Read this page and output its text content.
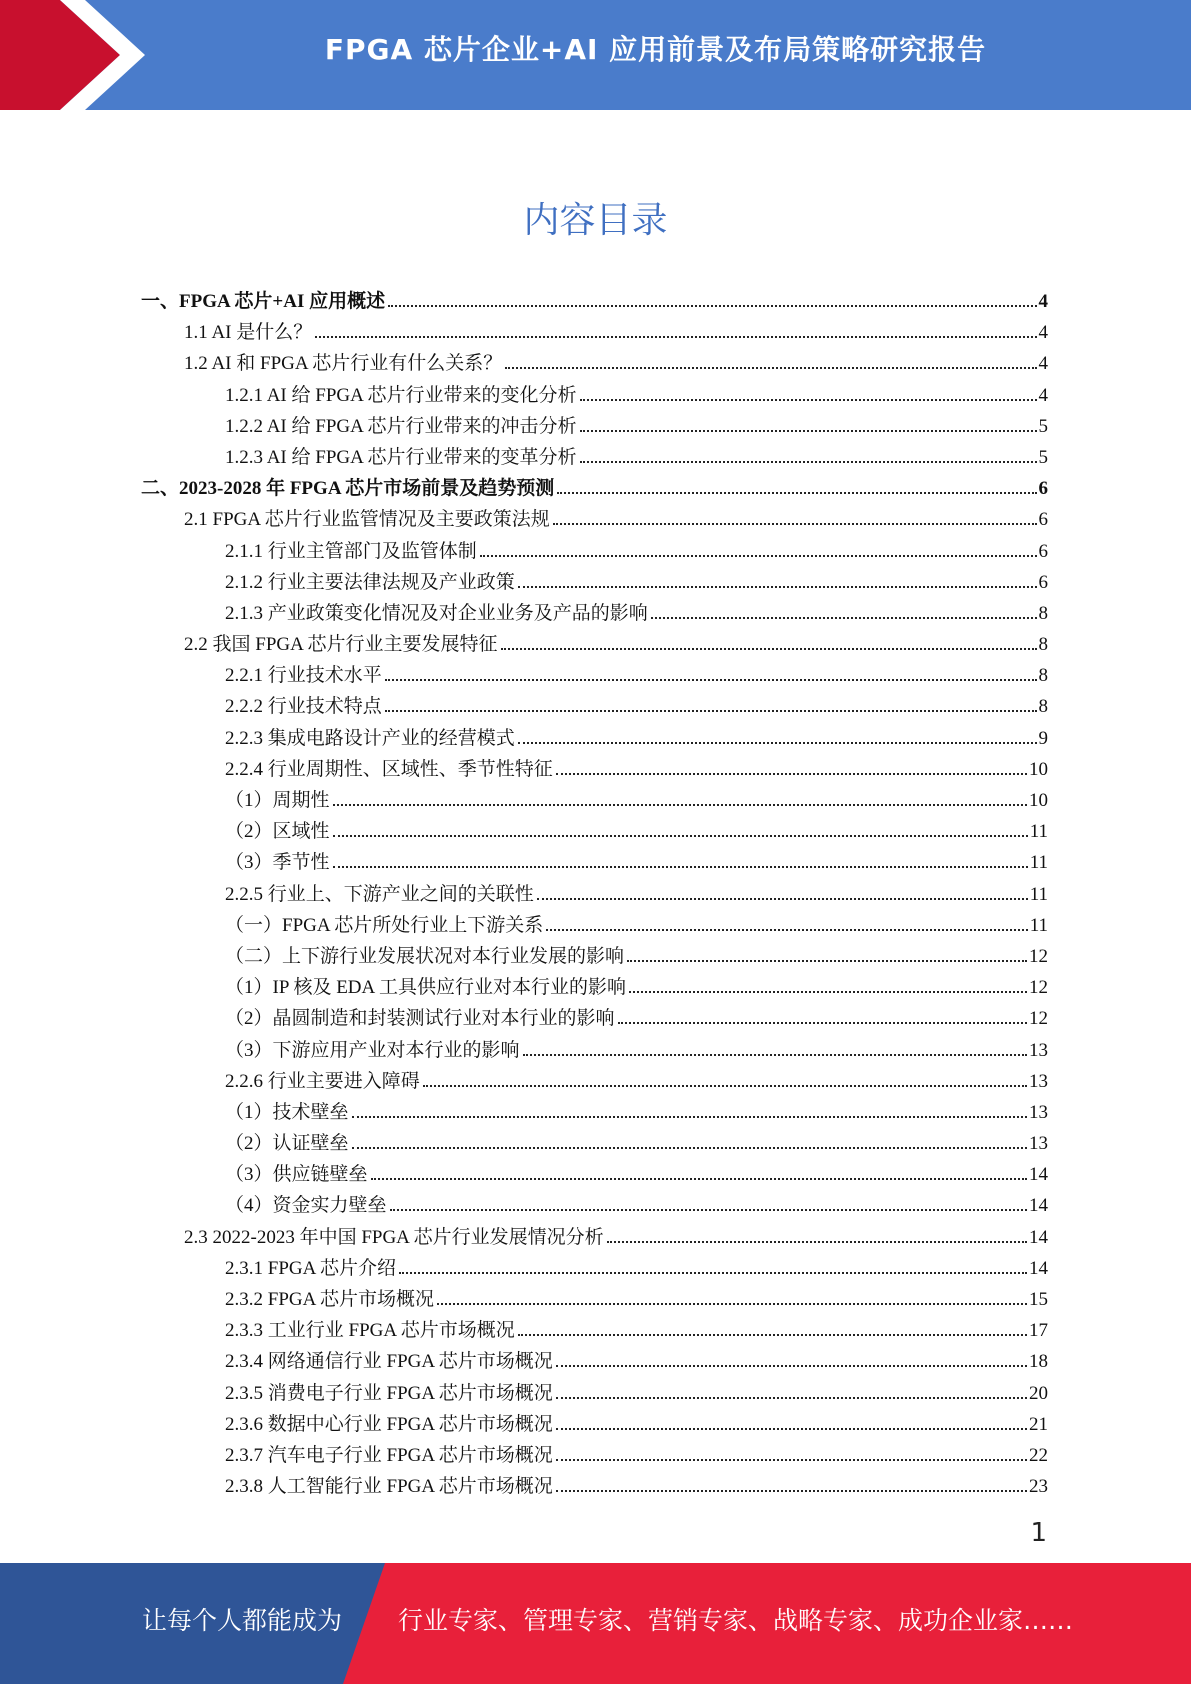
FPGA 芯片企业+AI 应用前景及布局策略研究报告
内容目录
一、FPGA 芯片+AI 应用概述	4
1.1 AI 是什么？	4
1.2 AI 和 FPGA 芯片行业有什么关系？	4
1.2.1 AI 给 FPGA 芯片行业带来的变化分析	4
1.2.2 AI 给 FPGA 芯片行业带来的冲击分析	5
1.2.3 AI 给 FPGA 芯片行业带来的变革分析	5
二、2023-2028 年 FPGA 芯片市场前景及趋势预测	6
2.1 FPGA 芯片行业监管情况及主要政策法规	6
2.1.1 行业主管部门及监管体制	6
2.1.2 行业主要法律法规及产业政策	6
2.1.3 产业政策变化情况及对企业业务及产品的影响	8
2.2 我国 FPGA 芯片行业主要发展特征	8
2.2.1 行业技术水平	8
2.2.2 行业技术特点	8
2.2.3 集成电路设计产业的经营模式	9
2.2.4 行业周期性、区域性、季节性特征	10
（1）周期性	10
（2）区域性	11
（3）季节性	11
2.2.5 行业上、下游产业之间的关联性	11
（一）FPGA 芯片所处行业上下游关系	11
（二）上下游行业发展状况对本行业发展的影响	12
（1）IP 核及 EDA 工具供应行业对本行业的影响	12
（2）晶圆制造和封装测试行业对本行业的影响	12
（3）下游应用产业对本行业的影响	13
2.2.6 行业主要进入障碍	13
（1）技术壁垒	13
（2）认证壁垒	13
（3）供应链壁垒	14
（4）资金实力壁垒	14
2.3 2022-2023 年中国 FPGA 芯片行业发展情况分析	14
2.3.1 FPGA 芯片介绍	14
2.3.2 FPGA 芯片市场概况	15
2.3.3 工业行业 FPGA 芯片市场概况	17
2.3.4 网络通信行业 FPGA 芯片市场概况	18
2.3.5 消费电子行业 FPGA 芯片市场概况	20
2.3.6 数据中心行业 FPGA 芯片市场概况	21
2.3.7 汽车电子行业 FPGA 芯片市场概况	22
2.3.8 人工智能行业 FPGA 芯片市场概况	23
1
让每个人都能成为 行业专家、管理专家、营销专家、战略专家、成功企业家……
